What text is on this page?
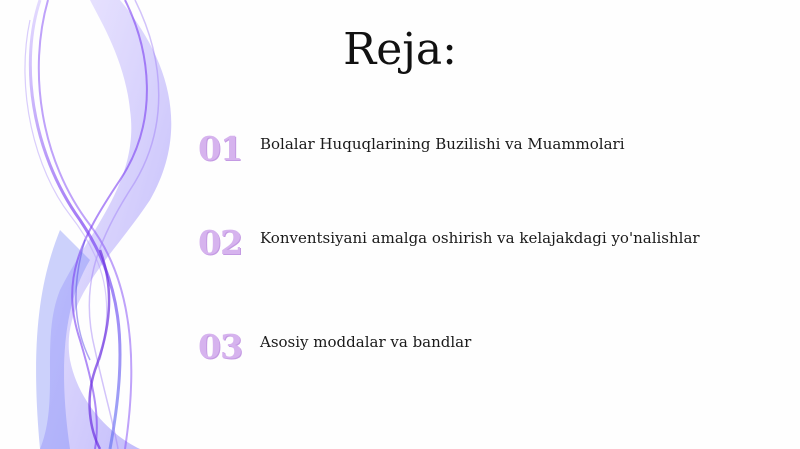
Reja:
01 Bolalar Huquqlarining Buzilishi va Muammolari
02 Konventsiyani amalga oshirish va kelajakdagi yo'nalishlar
03 Asosiy moddalar va bandlar
